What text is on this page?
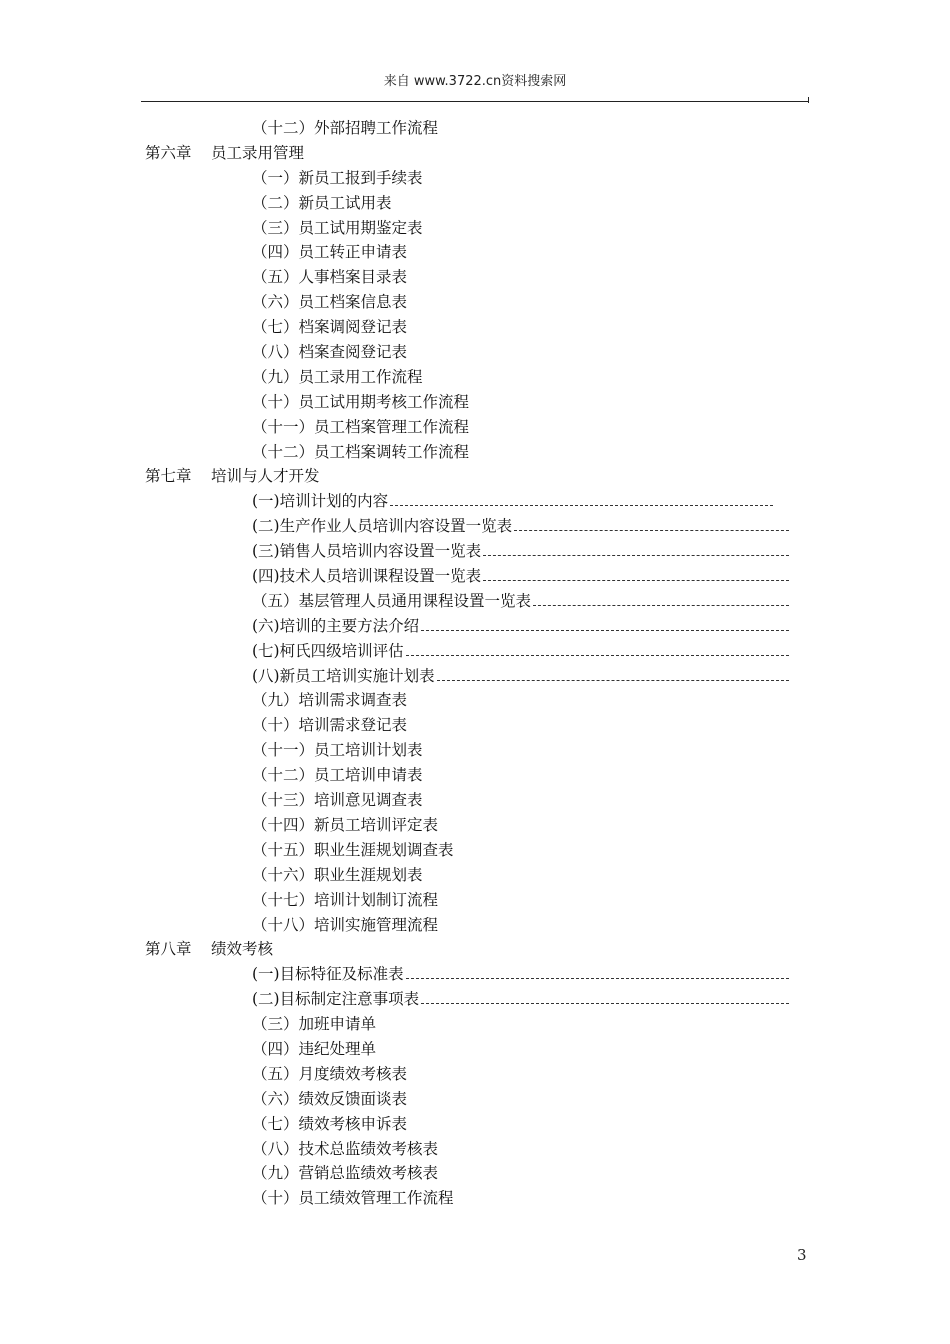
来自 www.3722.cn资料搜索网
（十二）外部招聘工作流程
第六章 员工录用管理
（一）新员工报到手续表
（二）新员工试用表
（三）员工试用期鉴定表
（四）员工转正申请表
（五）人事档案目录表
（六）员工档案信息表
（七）档案调阅登记表
（八）档案查阅登记表
（九）员工录用工作流程
（十）员工试用期考核工作流程
（十一）员工档案管理工作流程
（十二）员工档案调转工作流程
第七章 培训与人才开发
(一)培训计划的内容
(二)生产作业人员培训内容设置一览表
(三)销售人员培训内容设置一览表
(四)技术人员培训课程设置一览表
（五）基层管理人员通用课程设置一览表
(六)培训的主要方法介绍
(七)柯氏四级培训评估
(八)新员工培训实施计划表
（九）培训需求调查表
（十）培训需求登记表
（十一）员工培训计划表
（十二）员工培训申请表
（十三）培训意见调查表
（十四）新员工培训评定表
（十五）职业生涯规划调查表
（十六）职业生涯规划表
（十七）培训计划制订流程
（十八）培训实施管理流程
第八章 绩效考核
(一)目标特征及标准表
(二)目标制定注意事项表
（三）加班申请单
（四）违纪处理单
（五）月度绩效考核表
（六）绩效反馈面谈表
（七）绩效考核申诉表
（八）技术总监绩效考核表
（九）营销总监绩效考核表
（十）员工绩效管理工作流程
3
